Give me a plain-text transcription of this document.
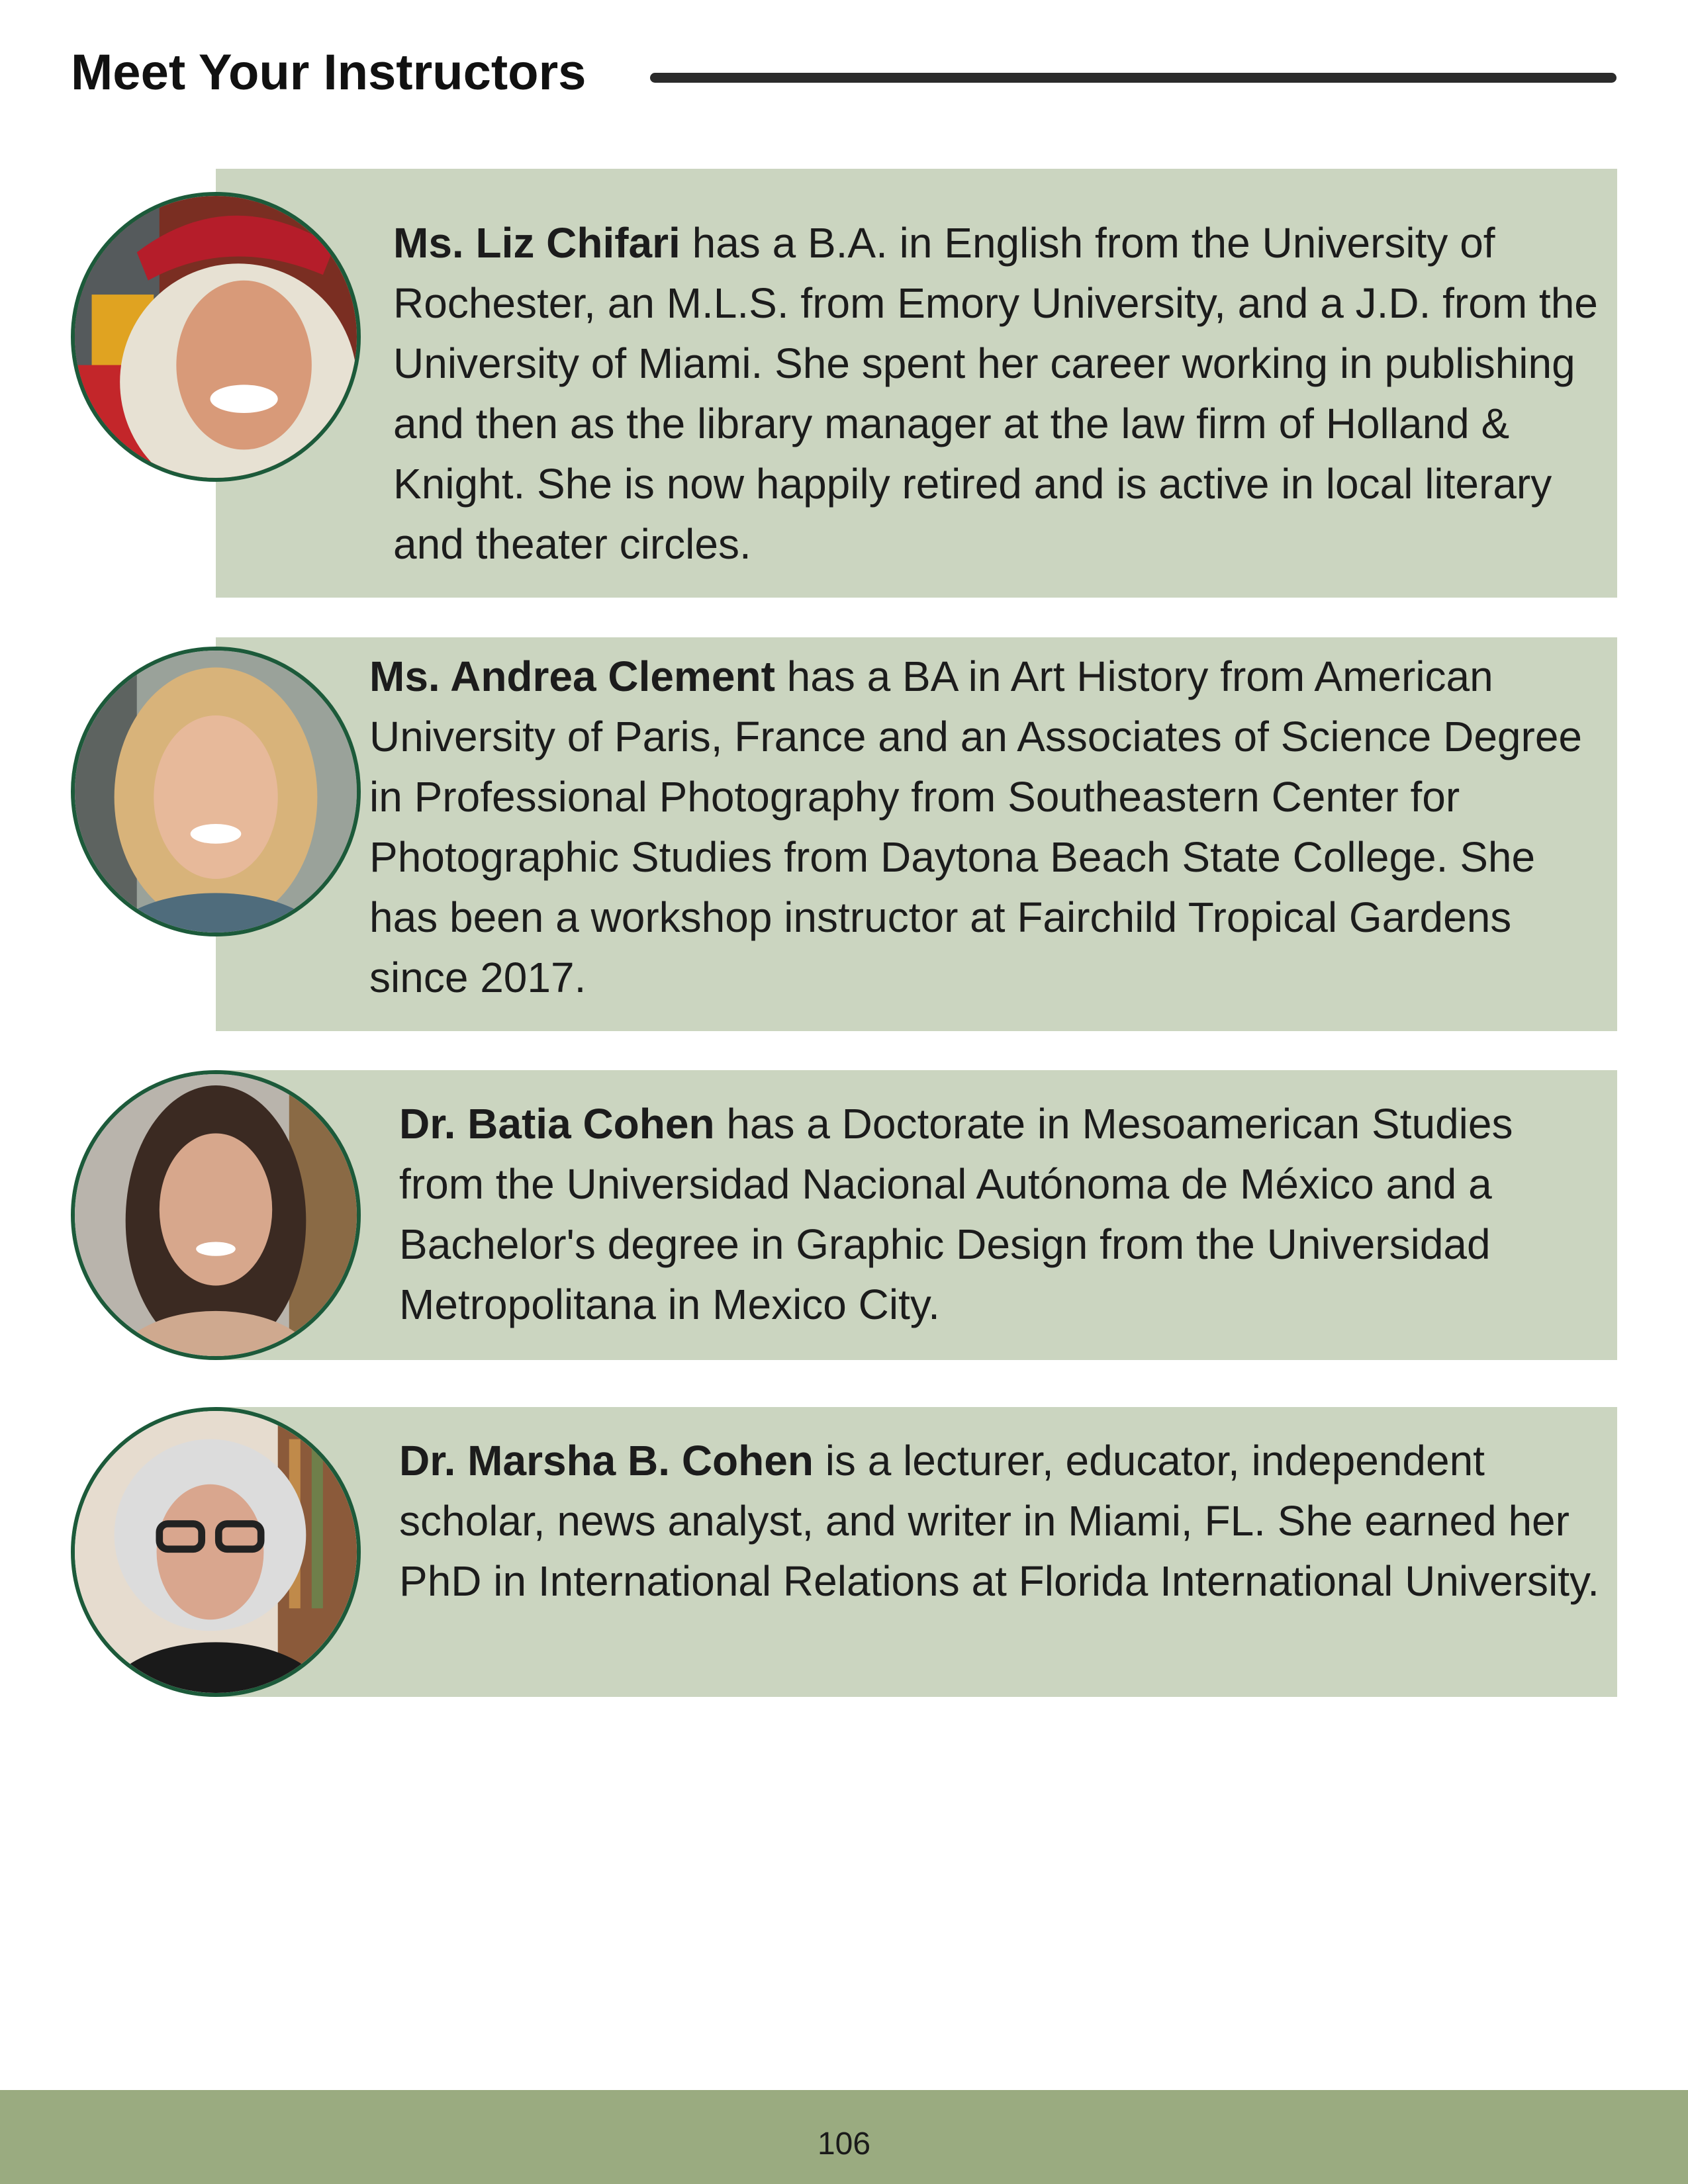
Meet Your Instructors

Ms. Liz Chifari has a B.A. in English from the University of Rochester, an M.L.S. from Emory University, and a J.D. from the University of Miami. She spent her career working in publishing and then as the library manager at the law firm of Holland & Knight. She is now happily retired and is active in local literary and theater circles.

Ms. Andrea Clement has a BA in Art History from American University of Paris, France and an Associates of Science Degree in Professional Photography from Southeastern Center for Photographic Studies from Daytona Beach State College. She has been a workshop instructor at Fairchild Tropical Gardens since 2017.

Dr. Batia Cohen has a Doctorate in Mesoamerican Studies from the Universidad Nacional Autónoma de México and a Bachelor's degree in Graphic Design from the Universidad Metropolitana in Mexico City.

Dr. Marsha B. Cohen is a lecturer, educator, independent scholar, news analyst, and writer in Miami, FL. She earned her PhD in International Relations at Florida International University.

106
